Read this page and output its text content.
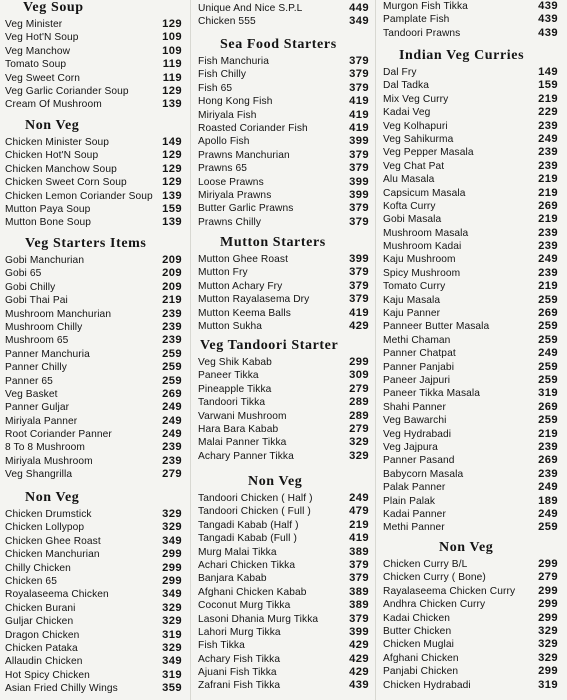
Veg Soup
Veg Minister	129
Veg Hot'N Soup	109
Veg Manchow	109
Tomato Soup	119
Veg Sweet Corn	119
Veg Garlic Coriander Soup	129
Cream Of Mushroom	139
Non Veg
Chicken Minister Soup	149
Chicken Hot'N Soup	129
Chicken Manchow Soup	129
Chicken Sweet Corn Soup	129
Chicken Lemon Coriander Soup 139
Mutton Paya Soup	159
Mutton Bone Soup	139
Veg Starters Items
Gobi Manchurian	209
Gobi 65	209
Gobi Chilly	209
Gobi Thai Pai	219
Mushroom Manchurian	239
Mushroom Chilly	239
Mushroom 65	239
Panner Manchuria	259
Panner Chilly	259
Panner 65	259
Veg Basket	269
Panner Guljar	249
Miriyala Panner	249
Root Coriander Panner	249
8 To 8 Mushroom	239
Miriyala Mushroom	239
Veg Shangrilla	279
Non Veg
Chicken Drumstick	329
Chicken Lollypop	329
Chicken Ghee Roast	349
Chicken Manchurian	299
Chilly Chicken	299
Chicken 65	299
Royalaseema Chicken	349
Chicken Burani	329
Guljar Chicken	329
Dragon Chicken	319
Chicken Pataka	329
Allaudin Chicken	349
Hot Spicy Chicken	319
Asian Fried Chilly Wings	359
Unique And Nice S.P.L	449
Chicken 555	349
Sea Food Starters
Fish Manchuria	379
Fish Chilly	379
Fish 65	379
Hong Kong Fish	419
Miriyala Fish	419
Roasted Coriander Fish	419
Apollo Fish	399
Prawns Manchurian	379
Prawns 65	379
Loose Prawns	399
Miriyala Prawns	399
Butter Garlic Prawns	379
Prawns Chilly	379
Mutton Starters
Mutton Ghee Roast	399
Mutton Fry	379
Mutton Achary Fry	379
Mutton Rayalasema Dry	379
Mutton Keema Balls	419
Mutton Sukha	429
Veg Tandoori Starter
Veg Shik Kabab	299
Paneer Tikka	309
Pineapple Tikka	279
Tandoori Tikka	289
Varwani Mushroom	289
Hara Bara Kabab	279
Malai Panner Tikka	329
Achary Panner Tikka	329
Non Veg
Tandoori Chicken ( Half )	249
Tandoori Chicken ( Full )	479
Tangadi Kabab (Half )	219
Tangadi Kabab (Full )	419
Murg Malai Tikka	389
Achari Chicken Tikka	379
Banjara Kabab	379
Afghani Chicken Kabab	389
Coconut Murg Tikka	389
Lasoni Dhania Murg Tikka	379
Lahori Murg Tikka	399
Fish Tikka	429
Achary Fish Tikka	429
Ajuani Fish Tikka	429
Zafrani Fish Tikka	439
Murgon Fish Tikka	439
Pamplate Fish	439
Tandoori Prawns	439
Indian Veg Curries
Dal Fry	149
Dal Tadka	159
Mix Veg Curry	219
Kadai Veg	229
Veg Kolhapuri	239
Veg Sahikurma	249
Veg Pepper Masala	239
Veg Chat Pat	239
Alu Masala	219
Capsicum Masala	219
Kofta Curry	269
Gobi Masala	219
Mushroom Masala	239
Mushroom Kadai	239
Kaju Mushroom	249
Spicy Mushroom	239
Tomato Curry	219
Kaju Masala	259
Kaju Panner	269
Panneer Butter Masala	259
Methi Chaman	259
Panner Chatpat	249
Panner Panjabi	259
Paneer Jajpuri	259
Paneer Tikka Masala	319
Shahi Panner	269
Veg Bawarchi	259
Veg Hydrabadi	219
Veg Jajpura	239
Panner Pasand	269
Babycorn Masala	239
Palak Panner	249
Plain Palak	189
Kadai Panner	249
Methi Panner	259
Non Veg
Chicken Curry B/L	299
Chicken Curry ( Bone)	279
Rayalaseema Chicken Curry 299
Andhra Chicken Curry	299
Kadai Chicken	299
Butter Chicken	329
Chicken Muglai	329
Afghani Chicken	329
Panjabi Chicken	299
Chicken Hydrabadi	319
